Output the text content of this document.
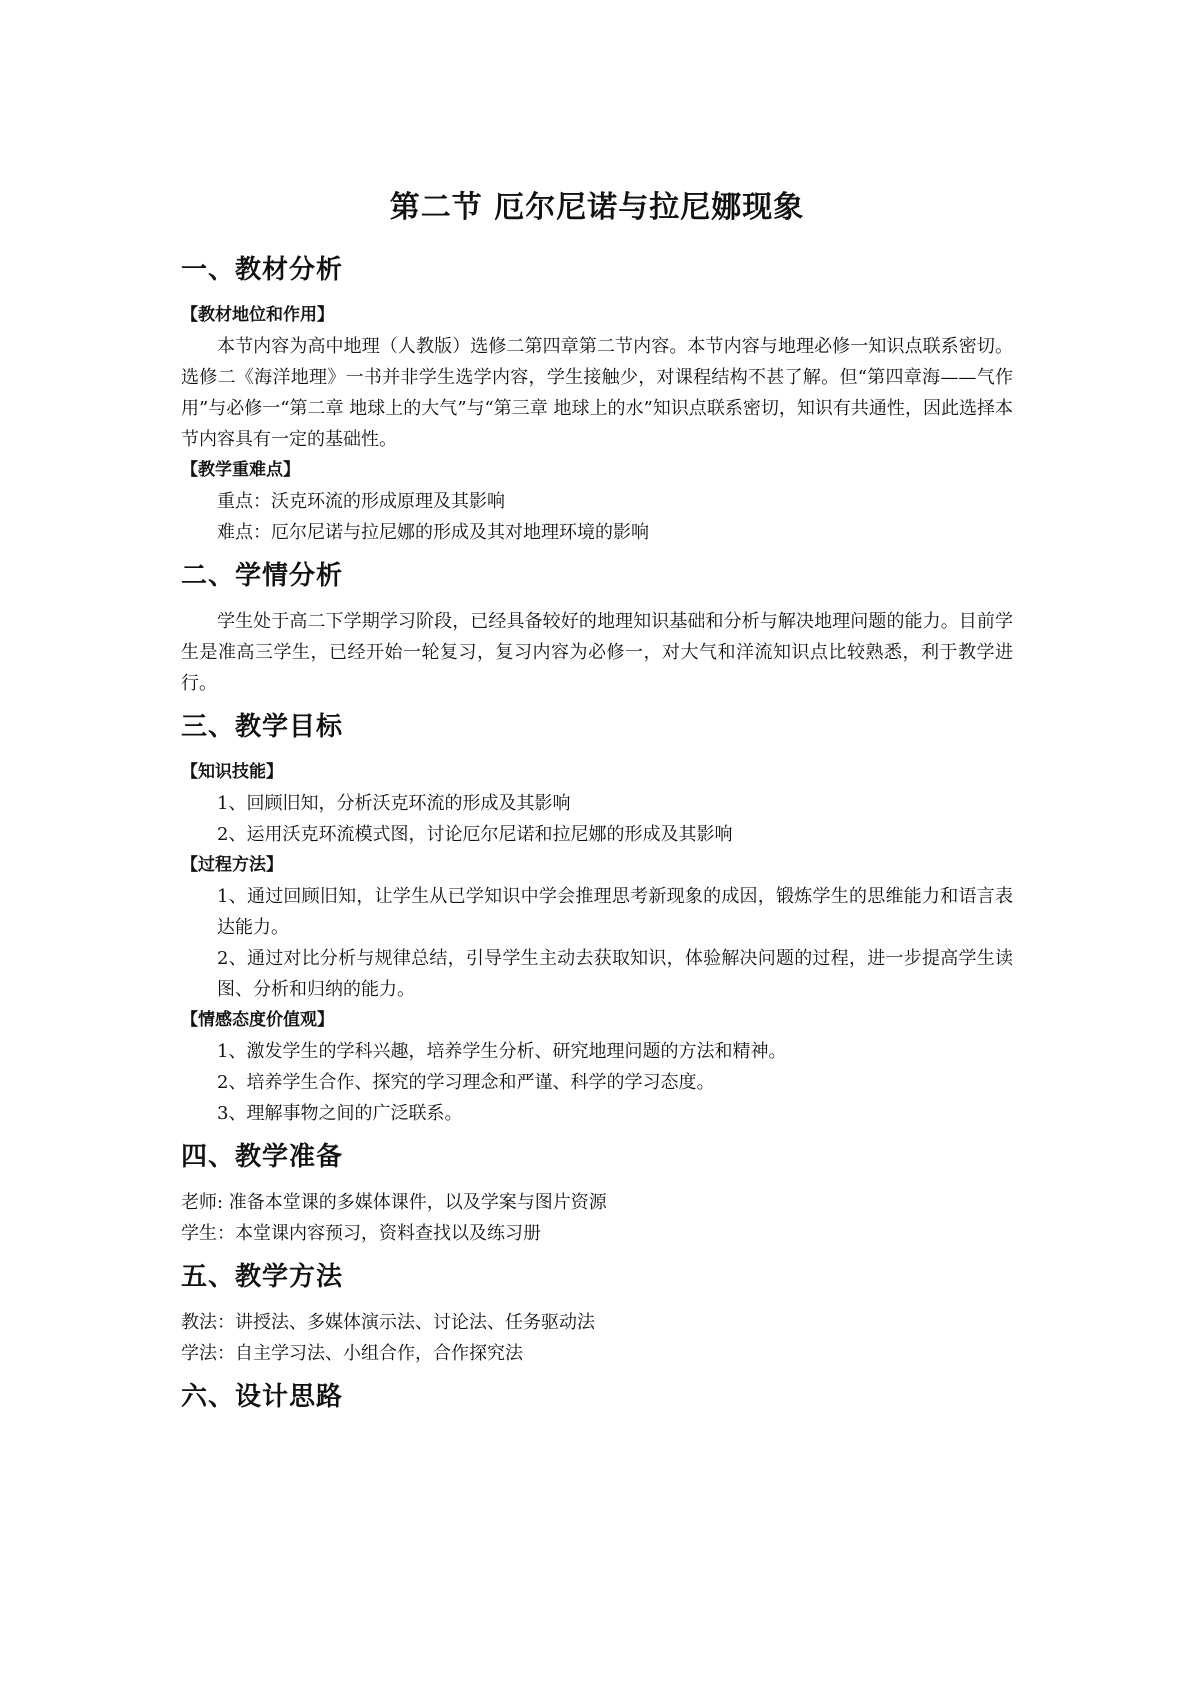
第二节 厄尔尼诺与拉尼娜现象
一、教材分析
【教材地位和作用】

本节内容为高中地理（人教版）选修二第四章第二节内容。本节内容与地理必修一知识点联系密切。选修二《海洋地理》一书并非学生选学内容，学生接触少，对课程结构不甚了解。但“第四章海——气作用”与必修一“第二章 地球上的大气”与“第三章 地球上的水”知识点联系密切，知识有共通性，因此选择本节内容具有一定的基础性。

【教学重难点】

重点：沃克环流的形成原理及其影响

难点：厄尔尼诺与拉尼娜的形成及其对地理环境的影响

二、学情分析

学生处于高二下学期学习阶段，已经具备较好的地理知识基础和分析与解决地理问题的能力。目前学生是准高三学生，已经开始一轮复习，复习内容为必修一，对大气和洋流知识点比较熟悉，利于教学进行。

三、教学目标
【知识技能】

1、回顾旧知，分析沃克环流的形成及其影响

2、运用沃克环流模式图，讨论厄尔尼诺和拉尼娜的形成及其影响

【过程方法】

1、通过回顾旧知，让学生从已学知识中学会推理思考新现象的成因，锻炼学生的思维能力和语言表达能力。

2、通过对比分析与规律总结，引导学生主动去获取知识，体验解决问题的过程，进一步提高学生读图、分析和归纳的能力。

【情感态度价值观】

1、激发学生的学科兴趣，培养学生分析、研究地理问题的方法和精神。

2、培养学生合作、探究的学习理念和严谨、科学的学习态度。

3、理解事物之间的广泛联系。

四、教学准备

老师: 准备本堂课的多媒体课件，以及学案与图片资源

学生：本堂课内容预习，资料查找以及练习册

五、教学方法

教法：讲授法、多媒体演示法、讨论法、任务驱动法

学法：自主学习法、小组合作，合作探究法

六、设计思路
